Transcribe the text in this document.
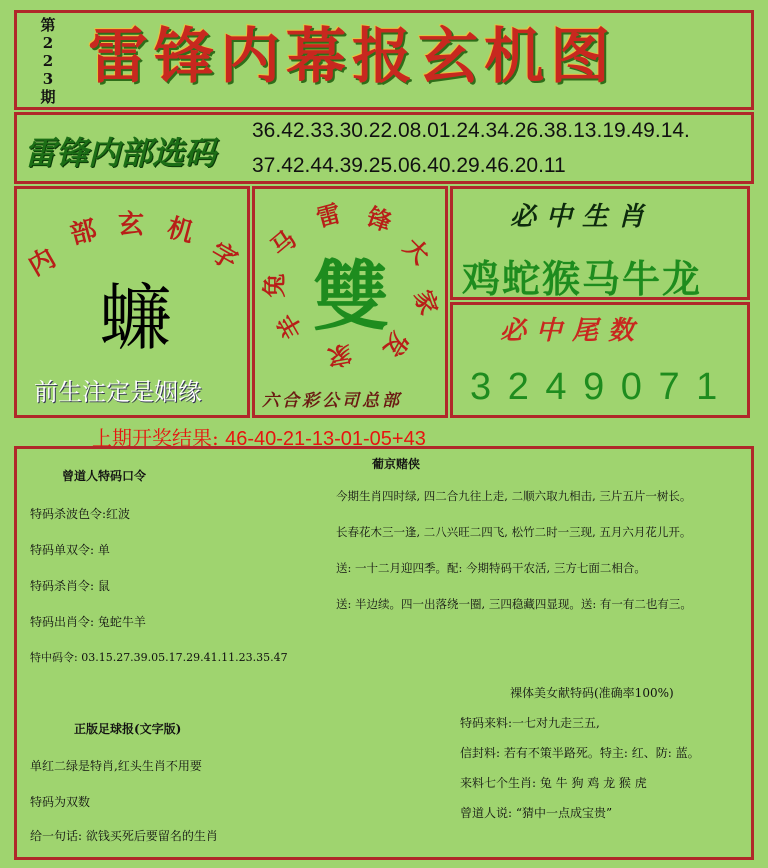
第
2
2
3
期
雷锋内幕报玄机图
雷锋内部选码
36.42.33.30.22.08.01.24.34.26.38.13.19.49.14.
37.42.44.39.25.06.40.29.46.20.11
内
部 玄 机
字
蠊
前生注定是姻缘
马
雷 锋
大
家
发
家
羊
兔 雙
六合彩公司总部
必中生肖
鸡蛇猴马牛龙
必中尾数
3 2 4 9 0 7 1
上期开奖结果: 46-40-21-13-01-05+43
曾道人特码口令
特码杀波色令:红波
特码单双令: 单
特码杀肖令: 鼠
特码出肖令: 兔蛇牛羊
特中码令: 03.15.27.39.05.17.29.41.11.23.35.47
正版足球报(文字版)
单红二绿是特肖,红头生肖不用要
特码为双数
给一句话: 欲钱买死后要留名的生肖
葡京赌侠
今期生肖四时绿, 四二合九往上走, 二顺六取九相击, 三片五片一树长。
长春花木三一逢, 二八兴旺二四飞, 松竹二时一三现, 五月六月花儿开。
送: 一十二月迎四季。配: 今期特码干农活, 三方七面二相合。
送: 半边续。四一出落绕一圈, 三四稳藏四显现。送: 有一有二也有三。
裸体美女献特码(准确率100%)
特码来料:一七对九走三五,
信封料: 若有不策半路死。特主: 红、防: 蓝。
来料七个生肖: 兔 牛 狗 鸡 龙 猴 虎
曾道人说: “猜中一点成宝贵”
